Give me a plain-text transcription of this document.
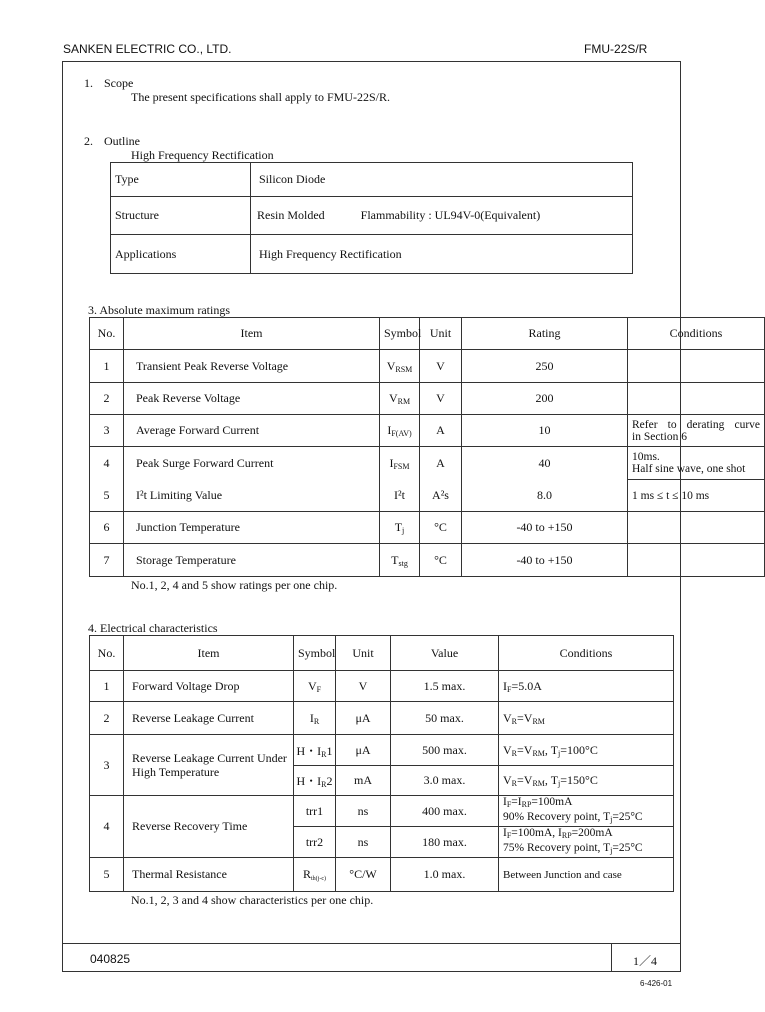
SANKEN ELECTRIC CO., LTD.	FMU-22S/R
1. Scope
The present specifications shall apply to FMU-22S/R.
2. Outline
High Frequency Rectification
Type	Silicon Diode
Structure	Resin Molded Flammability : UL94V-0(Equivalent)
Applications	High Frequency Rectification
3. Absolute maximum ratings
No.	Item	Symbol	Unit	Rating	Conditions
1	Transient Peak Reverse Voltage	$V_{RSM}$	V	250	
2	Peak Reverse Voltage	$V_{RM}$	V	200	
3	Average Forward Current	$I_{F(AV)}$	A	10	Refer to derating curve
in Section 6

4	Peak Surge Forward Current	$I_{FSM}$	A	40	10ms.
Half sine wave, one shot

5	I²t Limiting Value	I²t	A²s	8.0	1 ms ≤ t ≤ 10 ms

6	Junction Temperature	$T_j$	°C	-40 to +150	
7	Storage Temperature	$T_{stg}$	°C	-40 to +150	
No.1, 2, 4 and 5 show ratings per one chip.
4. Electrical characteristics
No.	Item	Symbol	Unit	Value	Conditions
1	Forward Voltage Drop	$V_F$	V	1.5 max.	$I_F=5.0A$
2	Reverse Leakage Current	$I_R$	μA	50 max.	$V_R=V_{RM}$
3	Reverse Leakage Current Under
High Temperature	H・$I_R1$	μA	500 max.	$V_R=V_{RM}$, $T_j=100^\circ C$
		H・$I_R2$	mA	3.0 max.	$V_R=V_{RM}$, $T_j=150^\circ C$
4	Reverse Recovery Time	trr1	ns	400 max.	$I_F=I_{RP}=100mA$
90% Recovery point, $T_j=25^\circ C$

		trr2	ns	180 max.	$I_F=100mA$, $I_{RP}=200mA$
75% Recovery point, $T_j=25^\circ C$

5	Thermal Resistance	$R_{th(j-c)}$	°C/W	1.0 max.	Between Junction and case
No.1, 2, 3 and 4 show characteristics per one chip.
040825	1／4
6-426-01
